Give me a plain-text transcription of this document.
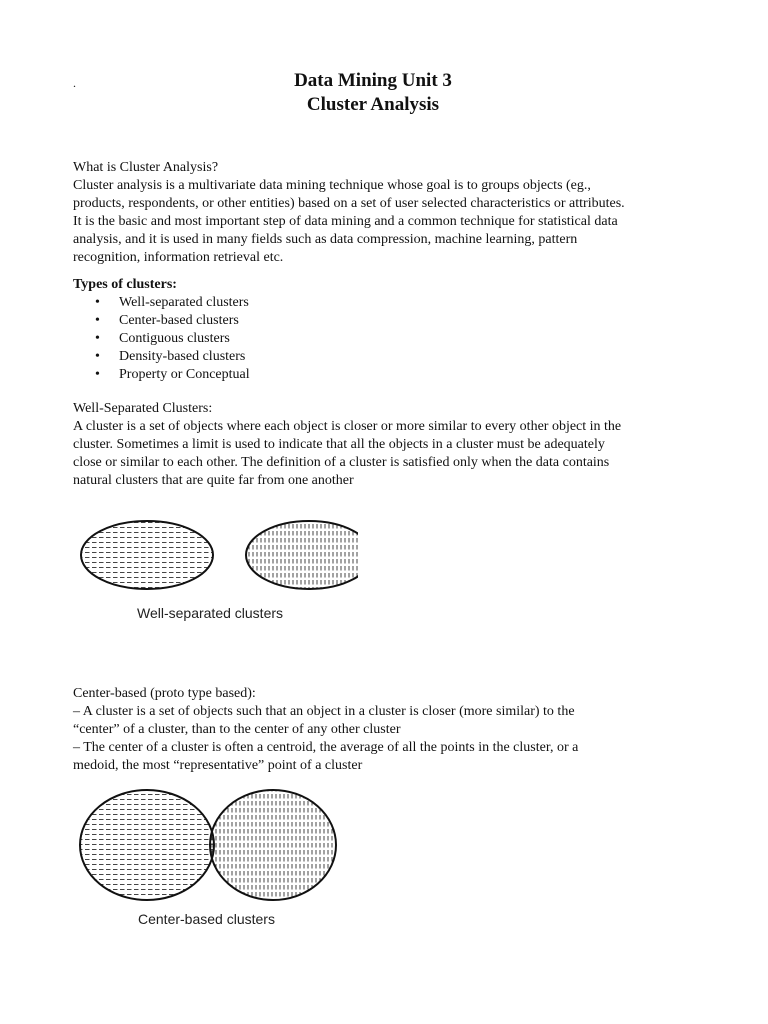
.	Data Mining Unit 3
Cluster Analysis

What is Cluster Analysis?

Cluster analysis is a multivariate data mining technique whose goal is to groups objects (eg.,

products, respondents, or other entities) based on a set of user selected characteristics or attributes.

It is the basic and most important step of data mining and a common technique for statistical data

analysis, and it is used in many fields such as data compression, machine learning, pattern

recognition, information retrieval etc.

Types of clusters:

• Well-separated clusters
• Center-based clusters
• Contiguous clusters
• Density-based clusters
• Property or Conceptual

Well-Separated Clusters:

A cluster is a set of objects where each object is closer or more similar to every other object in the

cluster. Sometimes a limit is used to indicate that all the objects in a cluster must be adequately

close or similar to each other. The definition of a cluster is satisfied only when the data contains

natural clusters that are quite far from one another

Well-separated clusters

Center-based (proto type based):

– A cluster is a set of objects such that an object in a cluster is closer (more similar) to the

“center” of a cluster, than to the center of any other cluster

– The center of a cluster is often a centroid, the average of all the points in the cluster, or a

medoid, the most “representative” point of a cluster

Center-based clusters
